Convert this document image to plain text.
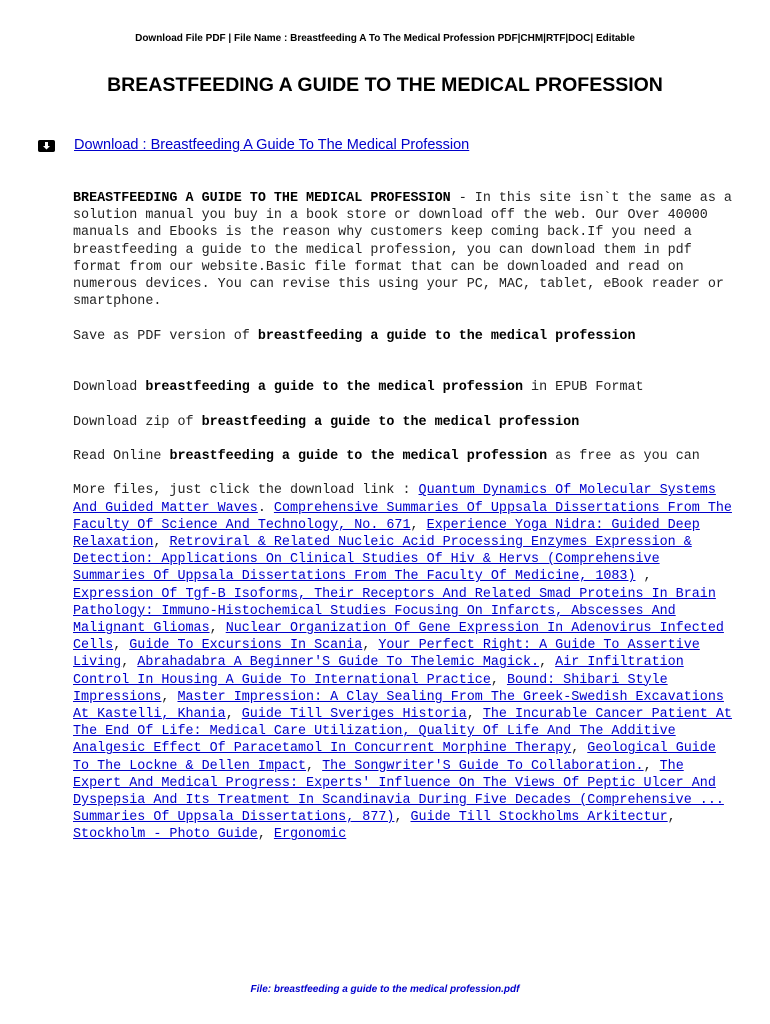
Download File PDF | File Name : Breastfeeding A To The Medical Profession PDF|CHM|RTF|DOC| Editable
BREASTFEEDING A GUIDE TO THE MEDICAL PROFESSION
Download : Breastfeeding A Guide To The Medical Profession

BREASTFEEDING A GUIDE TO THE MEDICAL PROFESSION - In this site isn`t the same as a solution manual you buy in a book store or download off the web. Our Over 40000 manuals and Ebooks is the reason why customers keep coming back.If you need a breastfeeding a guide to the medical profession, you can download them in pdf format from our website.Basic file format that can be downloaded and read on numerous devices. You can revise this using your PC, MAC, tablet, eBook reader or smartphone.

Save as PDF version of breastfeeding a guide to the medical profession

Download breastfeeding a guide to the medical profession in EPUB Format

Download zip of breastfeeding a guide to the medical profession

Read Online breastfeeding a guide to the medical profession as free as you can

More files, just click the download link : Quantum Dynamics Of Molecular Systems And Guided Matter Waves. Comprehensive Summaries Of Uppsala Dissertations From The Faculty Of Science And Technology, No. 671, Experience Yoga Nidra: Guided Deep Relaxation, Retroviral & Related Nucleic Acid Processing Enzymes Expression & Detection: Applications On Clinical Studies Of Hiv & Hervs (Comprehensive Summaries Of Uppsala Dissertations From The Faculty Of Medicine, 1083) , Expression Of Tgf-B Isoforms, Their Receptors And Related Smad Proteins In Brain Pathology: Immuno-Histochemical Studies Focusing On Infarcts, Abscesses And Malignant Gliomas, Nuclear Organization Of Gene Expression In Adenovirus Infected Cells, Guide To Excursions In Scania, Your Perfect Right: A Guide To Assertive Living, Abrahadabra A Beginner'S Guide To Thelemic Magick., Air Infiltration Control In Housing A Guide To International Practice, Bound: Shibari Style Impressions, Master Impression: A Clay Sealing From The Greek-Swedish Excavations At Kastelli, Khania, Guide Till Sveriges Historia, The Incurable Cancer Patient At The End Of Life: Medical Care Utilization, Quality Of Life And The Additive Analgesic Effect Of Paracetamol In Concurrent Morphine Therapy, Geological Guide To The Lockne & Dellen Impact, The Songwriter'S Guide To Collaboration., The Expert And Medical Progress: Experts' Influence On The Views Of Peptic Ulcer And Dyspepsia And Its Treatment In Scandinavia During Five Decades (Comprehensive ... Summaries Of Uppsala Dissertations, 877), Guide Till Stockholms Arkitectur, Stockholm - Photo Guide, Ergonomic

File: breastfeeding a guide to the medical profession.pdf
